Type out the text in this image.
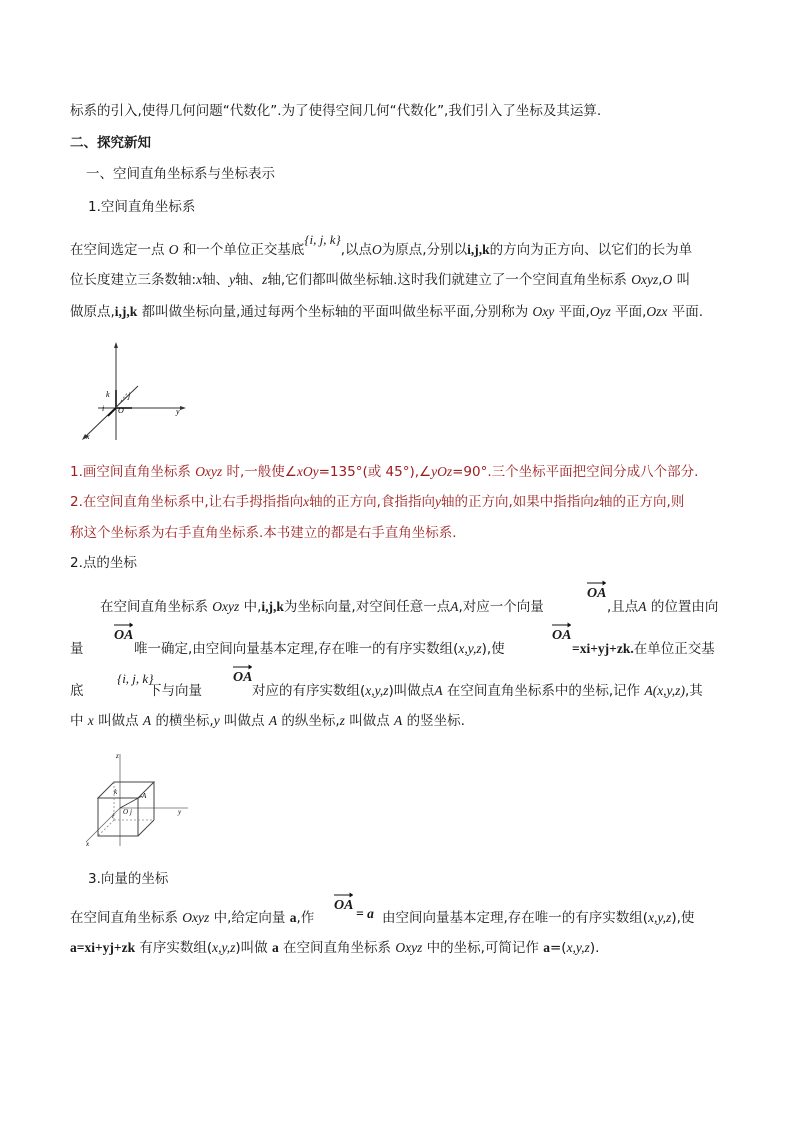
标系的引入,使得几何问题“代数化”.为了使得空间几何“代数化”,我们引入了坐标及其运算.
二、探究新知
一、空间直角坐标系与坐标表示
1.空间直角坐标系
在空间选定一点 O 和一个单位正交基底{i, j, k},以点O为原点,分别以i,j,k的方向为正方向、以它们的长为单
位长度建立三条数轴:x轴、y轴、z轴,它们都叫做坐标轴.这时我们就建立了一个空间直角坐标系 Oxyz,O 叫
做原点,i,j,k 都叫做坐标向量,通过每两个坐标轴的平面叫做坐标平面,分别称为 Oxy 平面,Oyz 平面,Ozx 平面.
k j
i O	y
x
1.画空间直角坐标系 Oxyz 时,一般使∠xOy=135°(或 45°),∠yOz=90°.三个坐标平面把空间分成八个部分.
2.在空间直角坐标系中,让右手拇指指向x轴的正方向,食指指向y轴的正方向,如果中指指向z轴的正方向,则
称这个坐标系为右手直角坐标系.本书建立的都是右手直角坐标系.
2.点的坐标
在空间直角坐标系 Oxyz 中,i,j,k为坐标向量,对空间任意一点A,对应一个向量
OA
,且点A 的位置由向
量
OA
唯一确定,由空间向量基本定理,存在唯一的有序实数组(x,y,z),使
OA
=xi+yj+zk.在单位正交基
底
{i, j, k}
下与向量
OA
对应的有序实数组(x,y,z)叫做点A 在空间直角坐标系中的坐标,记作 A(x,y,z),其
中 x 叫做点 A 的横坐标,y 叫做点 A 的纵坐标,z 叫做点 A 的竖坐标.
z
k	A
O j
i	y
x
3.向量的坐标
在空间直角坐标系 Oxyz 中,给定向量 a,作
OA
= a 由空间向量基本定理,存在唯一的有序实数组(x,y,z),使
a=xi+yj+zk 有序实数组(x,y,z)叫做 a 在空间直角坐标系 Oxyz 中的坐标,可简记作 a=(x,y,z).
